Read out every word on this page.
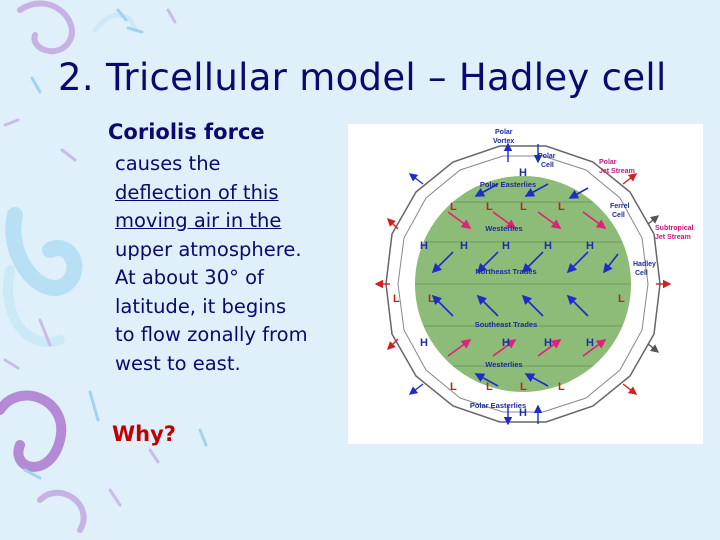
2. Tricellular model – Hadley cell
Coriolis force
causes the
deflection of this
moving air in the
upper atmosphere.
At about 30° of
latitude, it begins
to flow zonally from
west to east.
Why?
H
H	H	H	H	H
H	H	H	H
H
L	L L	L
L	L	L
L	L L	L
Polar Easterlies
Westerlies
Northeast Trades
Southeast Trades
Westerlies
Polar Easterlies
Polar
Vortex
Polar
Cell
Ferrel
Cell
Hadley
Cell
Polar
Jet Stream
Subtropical
Jet Stream
